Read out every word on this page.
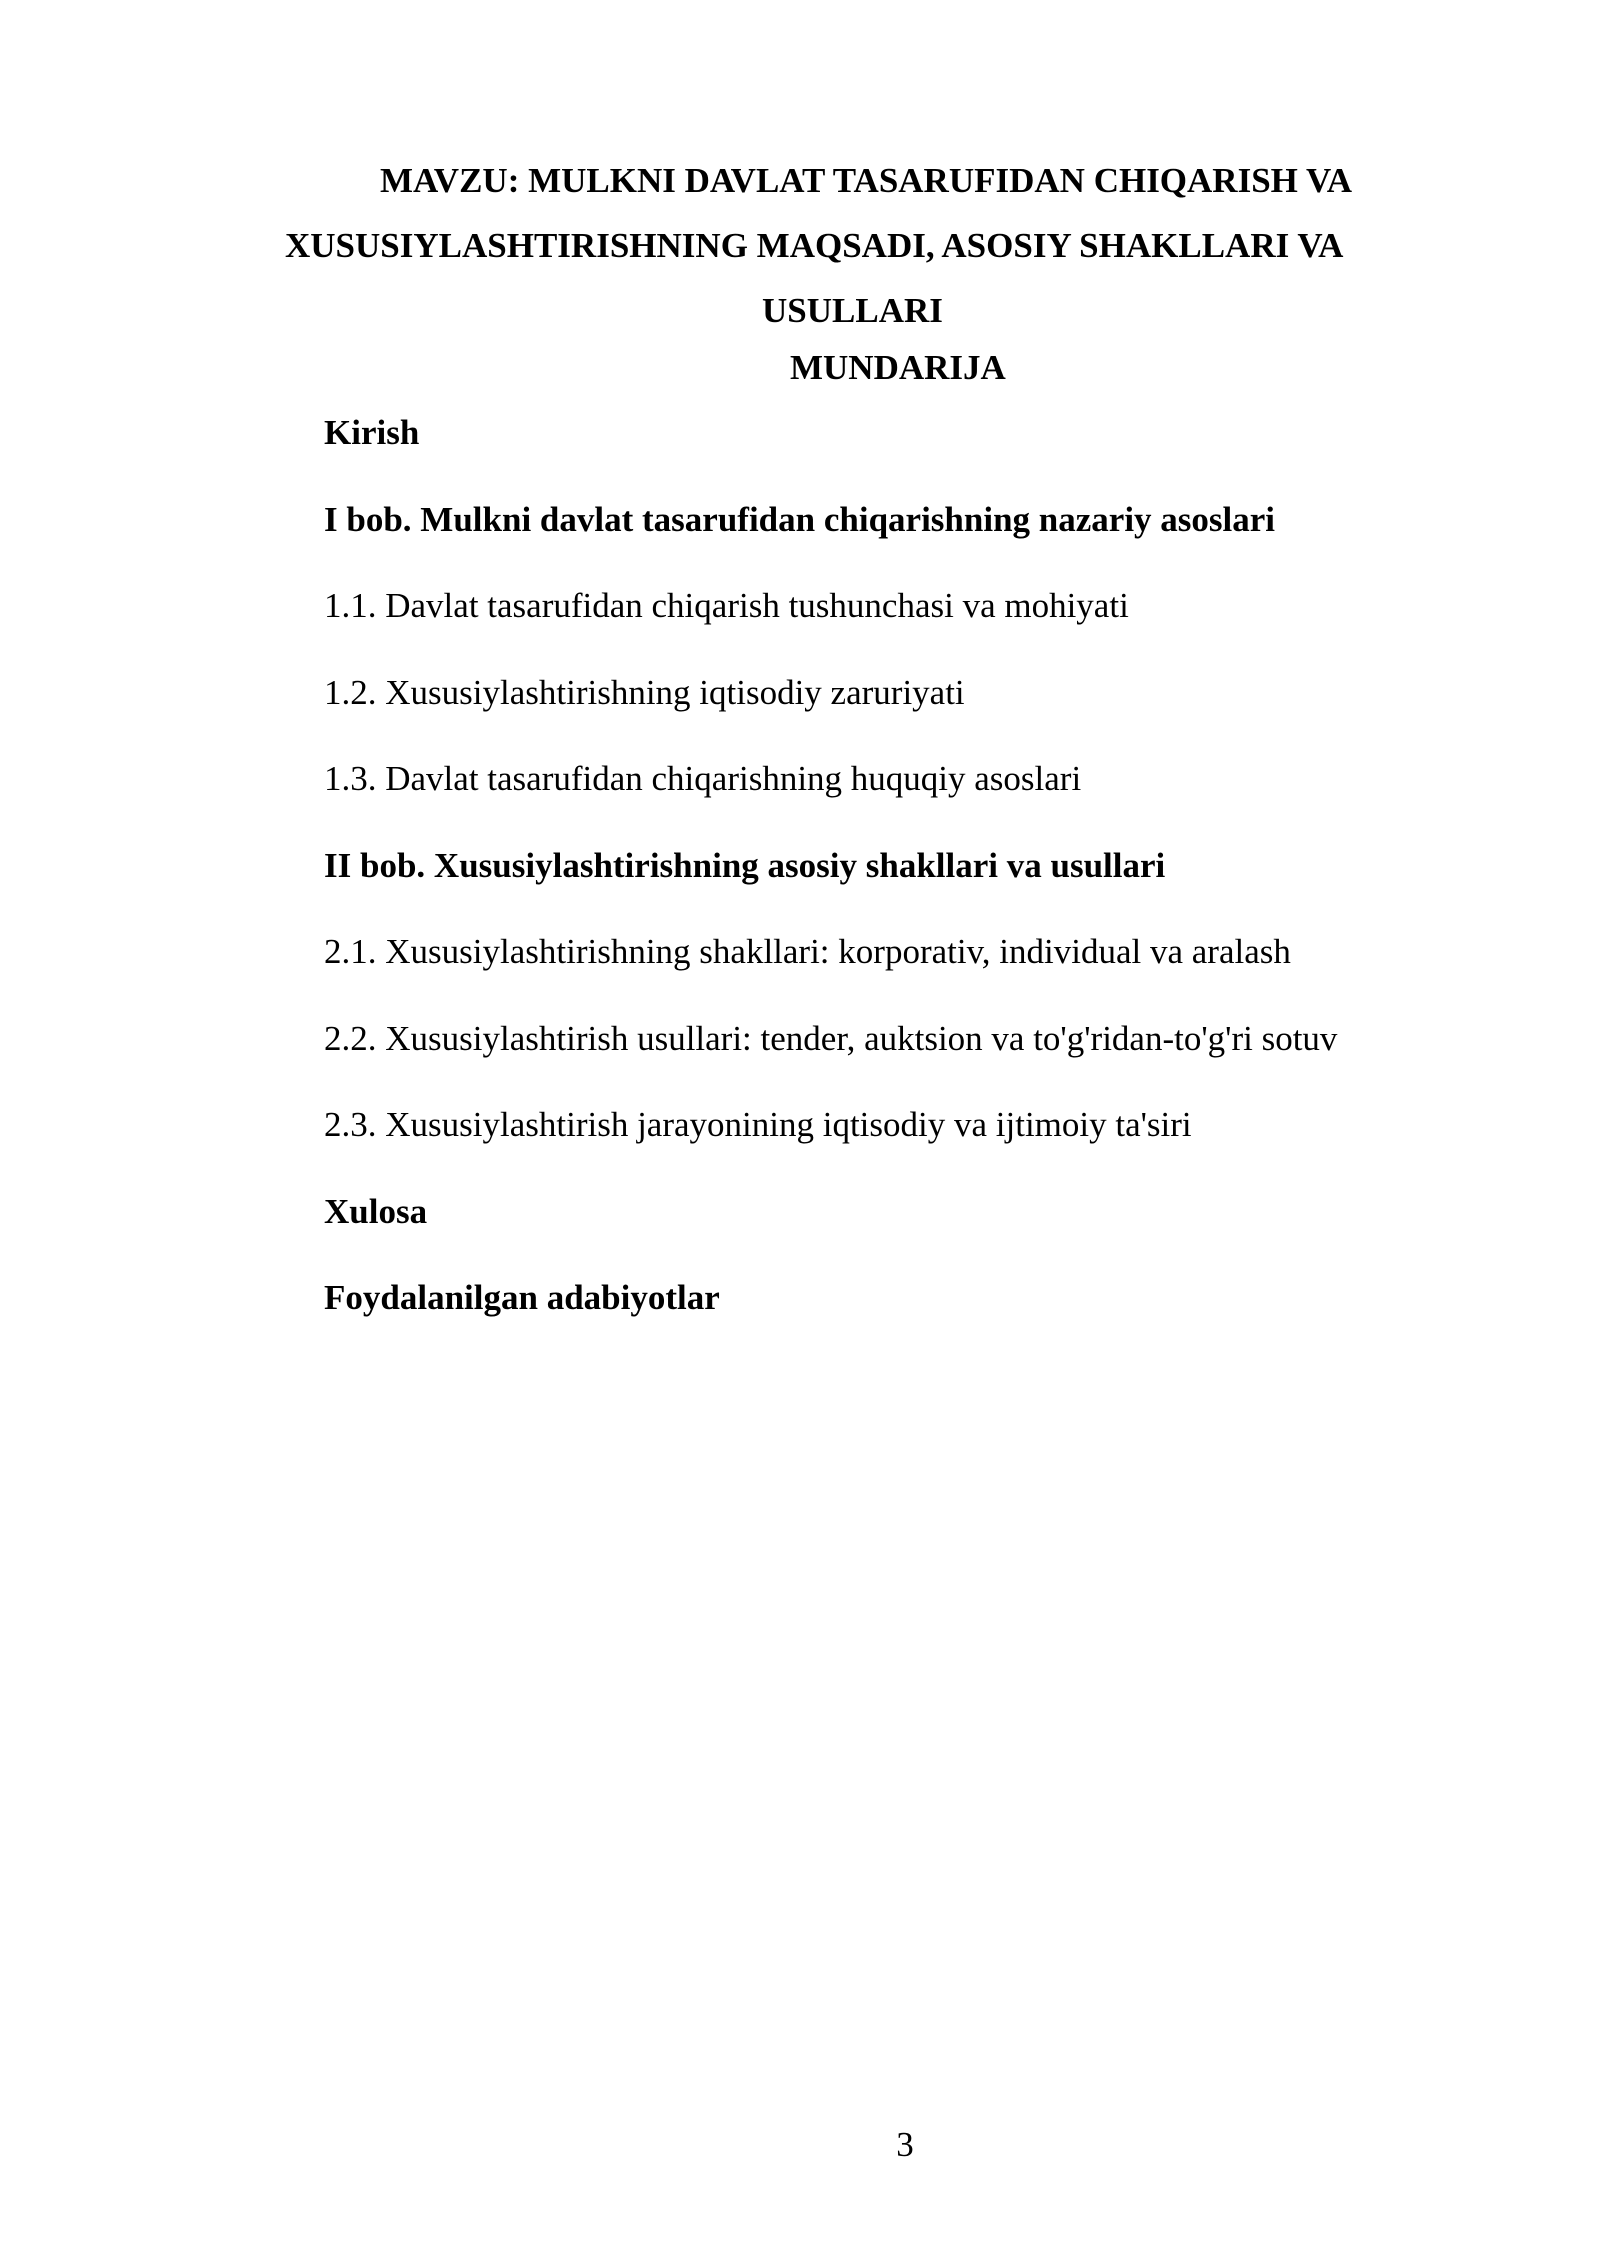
MAVZU: MULKNI DAVLAT TASARUFIDAN CHIQARISH VA
XUSUSIYLASHTIRISHNING MAQSADI, ASOSIY SHAKLLARI VA
USULLARI
MUNDARIJA
Kirish
I bob. Mulkni davlat tasarufidan chiqarishning nazariy asoslari
1.1. Davlat tasarufidan chiqarish tushunchasi va mohiyati
1.2. Xususiylashtirishning iqtisodiy zaruriyati
1.3. Davlat tasarufidan chiqarishning huquqiy asoslari
II bob. Xususiylashtirishning asosiy shakllari va usullari
2.1. Xususiylashtirishning shakllari: korporativ, individual va aralash
2.2. Xususiylashtirish usullari: tender, auktsion va to'g'ridan-to'g'ri sotuv
2.3. Xususiylashtirish jarayonining iqtisodiy va ijtimoiy ta'siri
Xulosa
Foydalanilgan adabiyotlar
3
